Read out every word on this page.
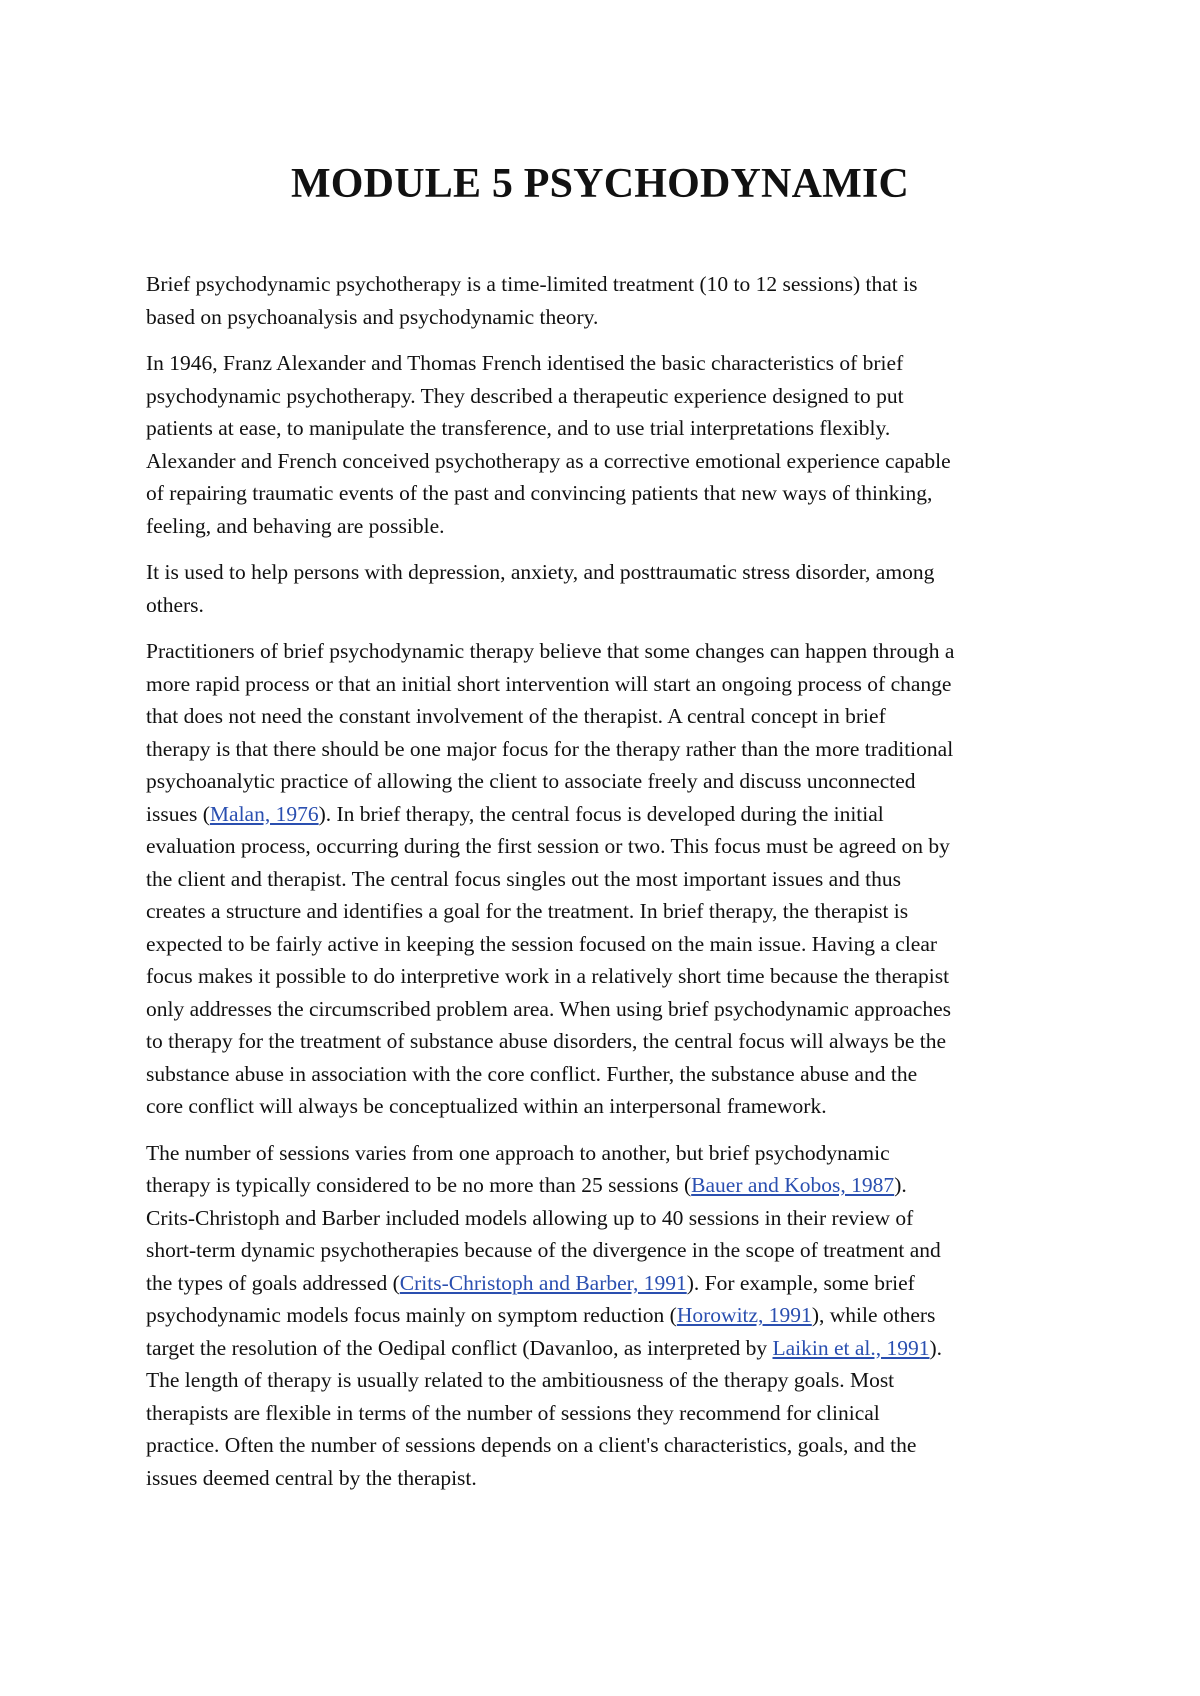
MODULE 5 PSYCHODYNAMIC

Brief psychodynamic psychotherapy is a time-limited treatment (10 to 12 sessions) that is
based on psychoanalysis and psychodynamic theory.

In 1946, Franz Alexander and Thomas French identised the basic characteristics of brief
psychodynamic psychotherapy. They described a therapeutic experience designed to put
patients at ease, to manipulate the transference, and to use trial interpretations flexibly.
Alexander and French conceived psychotherapy as a corrective emotional experience capable
of repairing traumatic events of the past and convincing patients that new ways of thinking,
feeling, and behaving are possible.

It is used to help persons with depression, anxiety, and posttraumatic stress disorder, among
others.

Practitioners of brief psychodynamic therapy believe that some changes can happen through a
more rapid process or that an initial short intervention will start an ongoing process of change
that does not need the constant involvement of the therapist. A central concept in brief
therapy is that there should be one major focus for the therapy rather than the more traditional
psychoanalytic practice of allowing the client to associate freely and discuss unconnected
issues (Malan, 1976). In brief therapy, the central focus is developed during the initial
evaluation process, occurring during the first session or two. This focus must be agreed on by
the client and therapist. The central focus singles out the most important issues and thus
creates a structure and identifies a goal for the treatment. In brief therapy, the therapist is
expected to be fairly active in keeping the session focused on the main issue. Having a clear
focus makes it possible to do interpretive work in a relatively short time because the therapist
only addresses the circumscribed problem area. When using brief psychodynamic approaches
to therapy for the treatment of substance abuse disorders, the central focus will always be the
substance abuse in association with the core conflict. Further, the substance abuse and the
core conflict will always be conceptualized within an interpersonal framework.

The number of sessions varies from one approach to another, but brief psychodynamic
therapy is typically considered to be no more than 25 sessions (Bauer and Kobos, 1987).
Crits-Christoph and Barber included models allowing up to 40 sessions in their review of
short-term dynamic psychotherapies because of the divergence in the scope of treatment and
the types of goals addressed (Crits-Christoph and Barber, 1991). For example, some brief
psychodynamic models focus mainly on symptom reduction (Horowitz, 1991), while others
target the resolution of the Oedipal conflict (Davanloo, as interpreted by Laikin et al., 1991).
The length of therapy is usually related to the ambitiousness of the therapy goals. Most
therapists are flexible in terms of the number of sessions they recommend for clinical
practice. Often the number of sessions depends on a client's characteristics, goals, and the
issues deemed central by the therapist.
